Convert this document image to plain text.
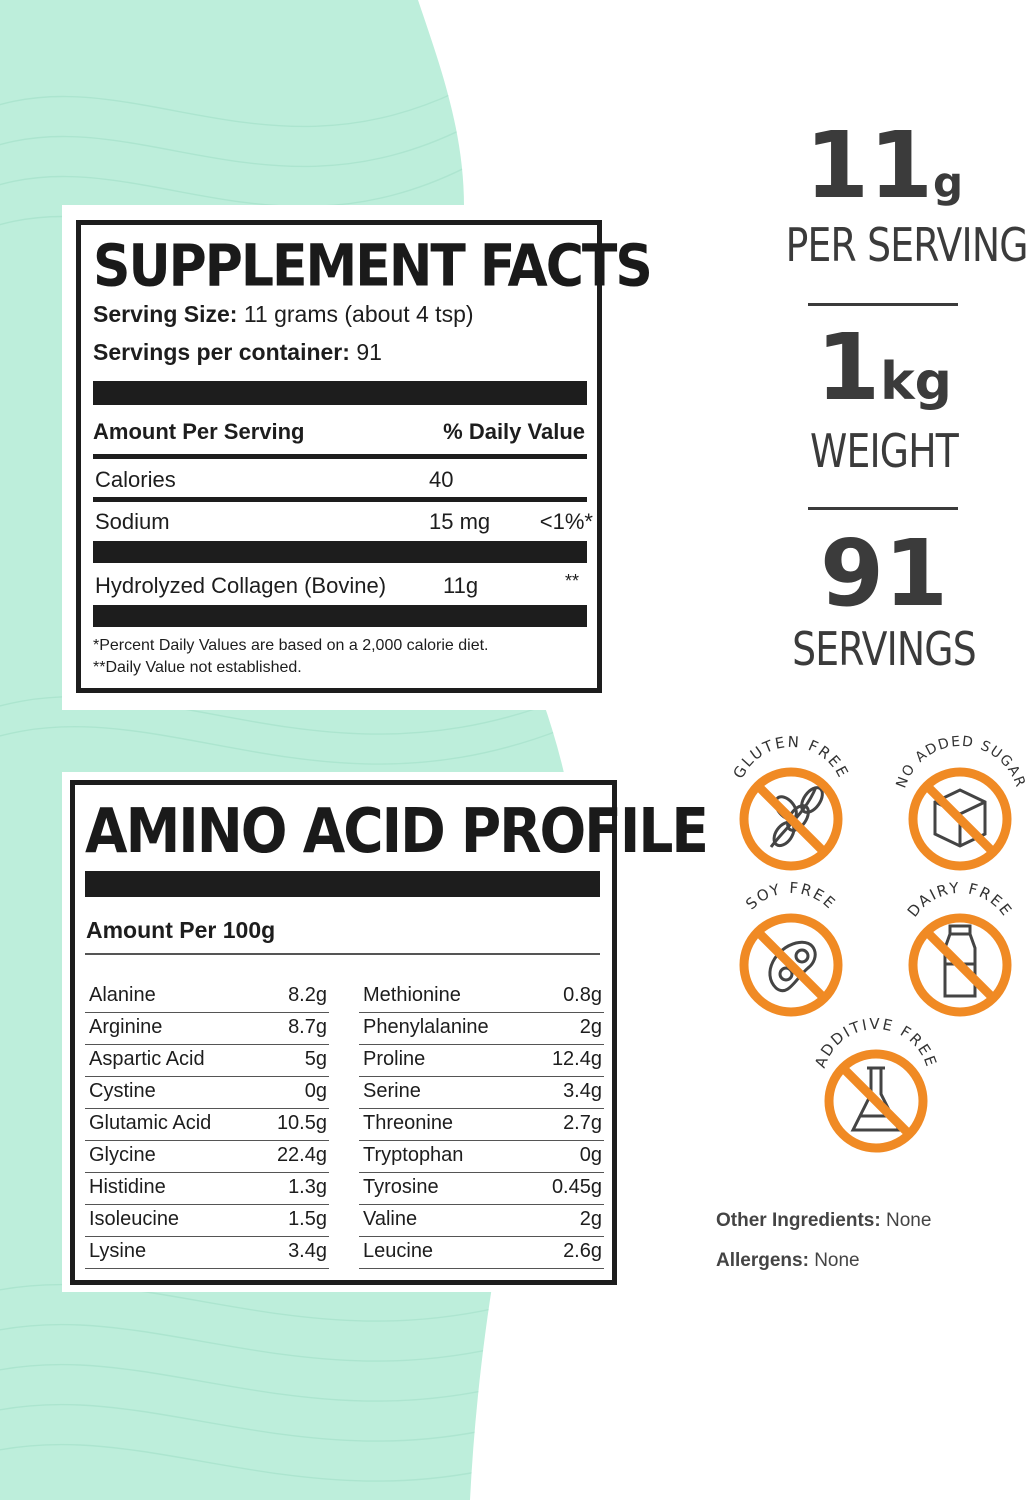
SUPPLEMENT FACTS
Serving Size: 11 grams (about 4 tsp)
Servings per container: 91
Amount Per Serving	% Daily Value
Calories	40
Sodium	15 mg <1%*
Hydrolyzed Collagen (Bovine)	11g	**
*Percent Daily Values are based on a 2,000 calorie diet.
**Daily Value not established.
AMINO ACID PROFILE
Amount Per 100g
Alanine	8.2g
Arginine	8.7g
Aspartic Acid	5g
Cystine	0g
Glutamic Acid	10.5g
Glycine	22.4g
Histidine	1.3g
Isoleucine	1.5g
Lysine	3.4g
Methionine	0.8g
Phenylalanine	2g
Proline	12.4g
Serine	3.4g
Threonine	2.7g
Tryptophan	0g
Tyrosine	0.45g
Valine	2g
Leucine	2.6g
11g
PER SERVING
1kg
WEIGHT
91
SERVINGS
GLUTEN FREE
NO ADDED SUGAR
SOY FREE	DAIRY FREE
ADDITIVE FREE
Other Ingredients: None
Allergens: None
